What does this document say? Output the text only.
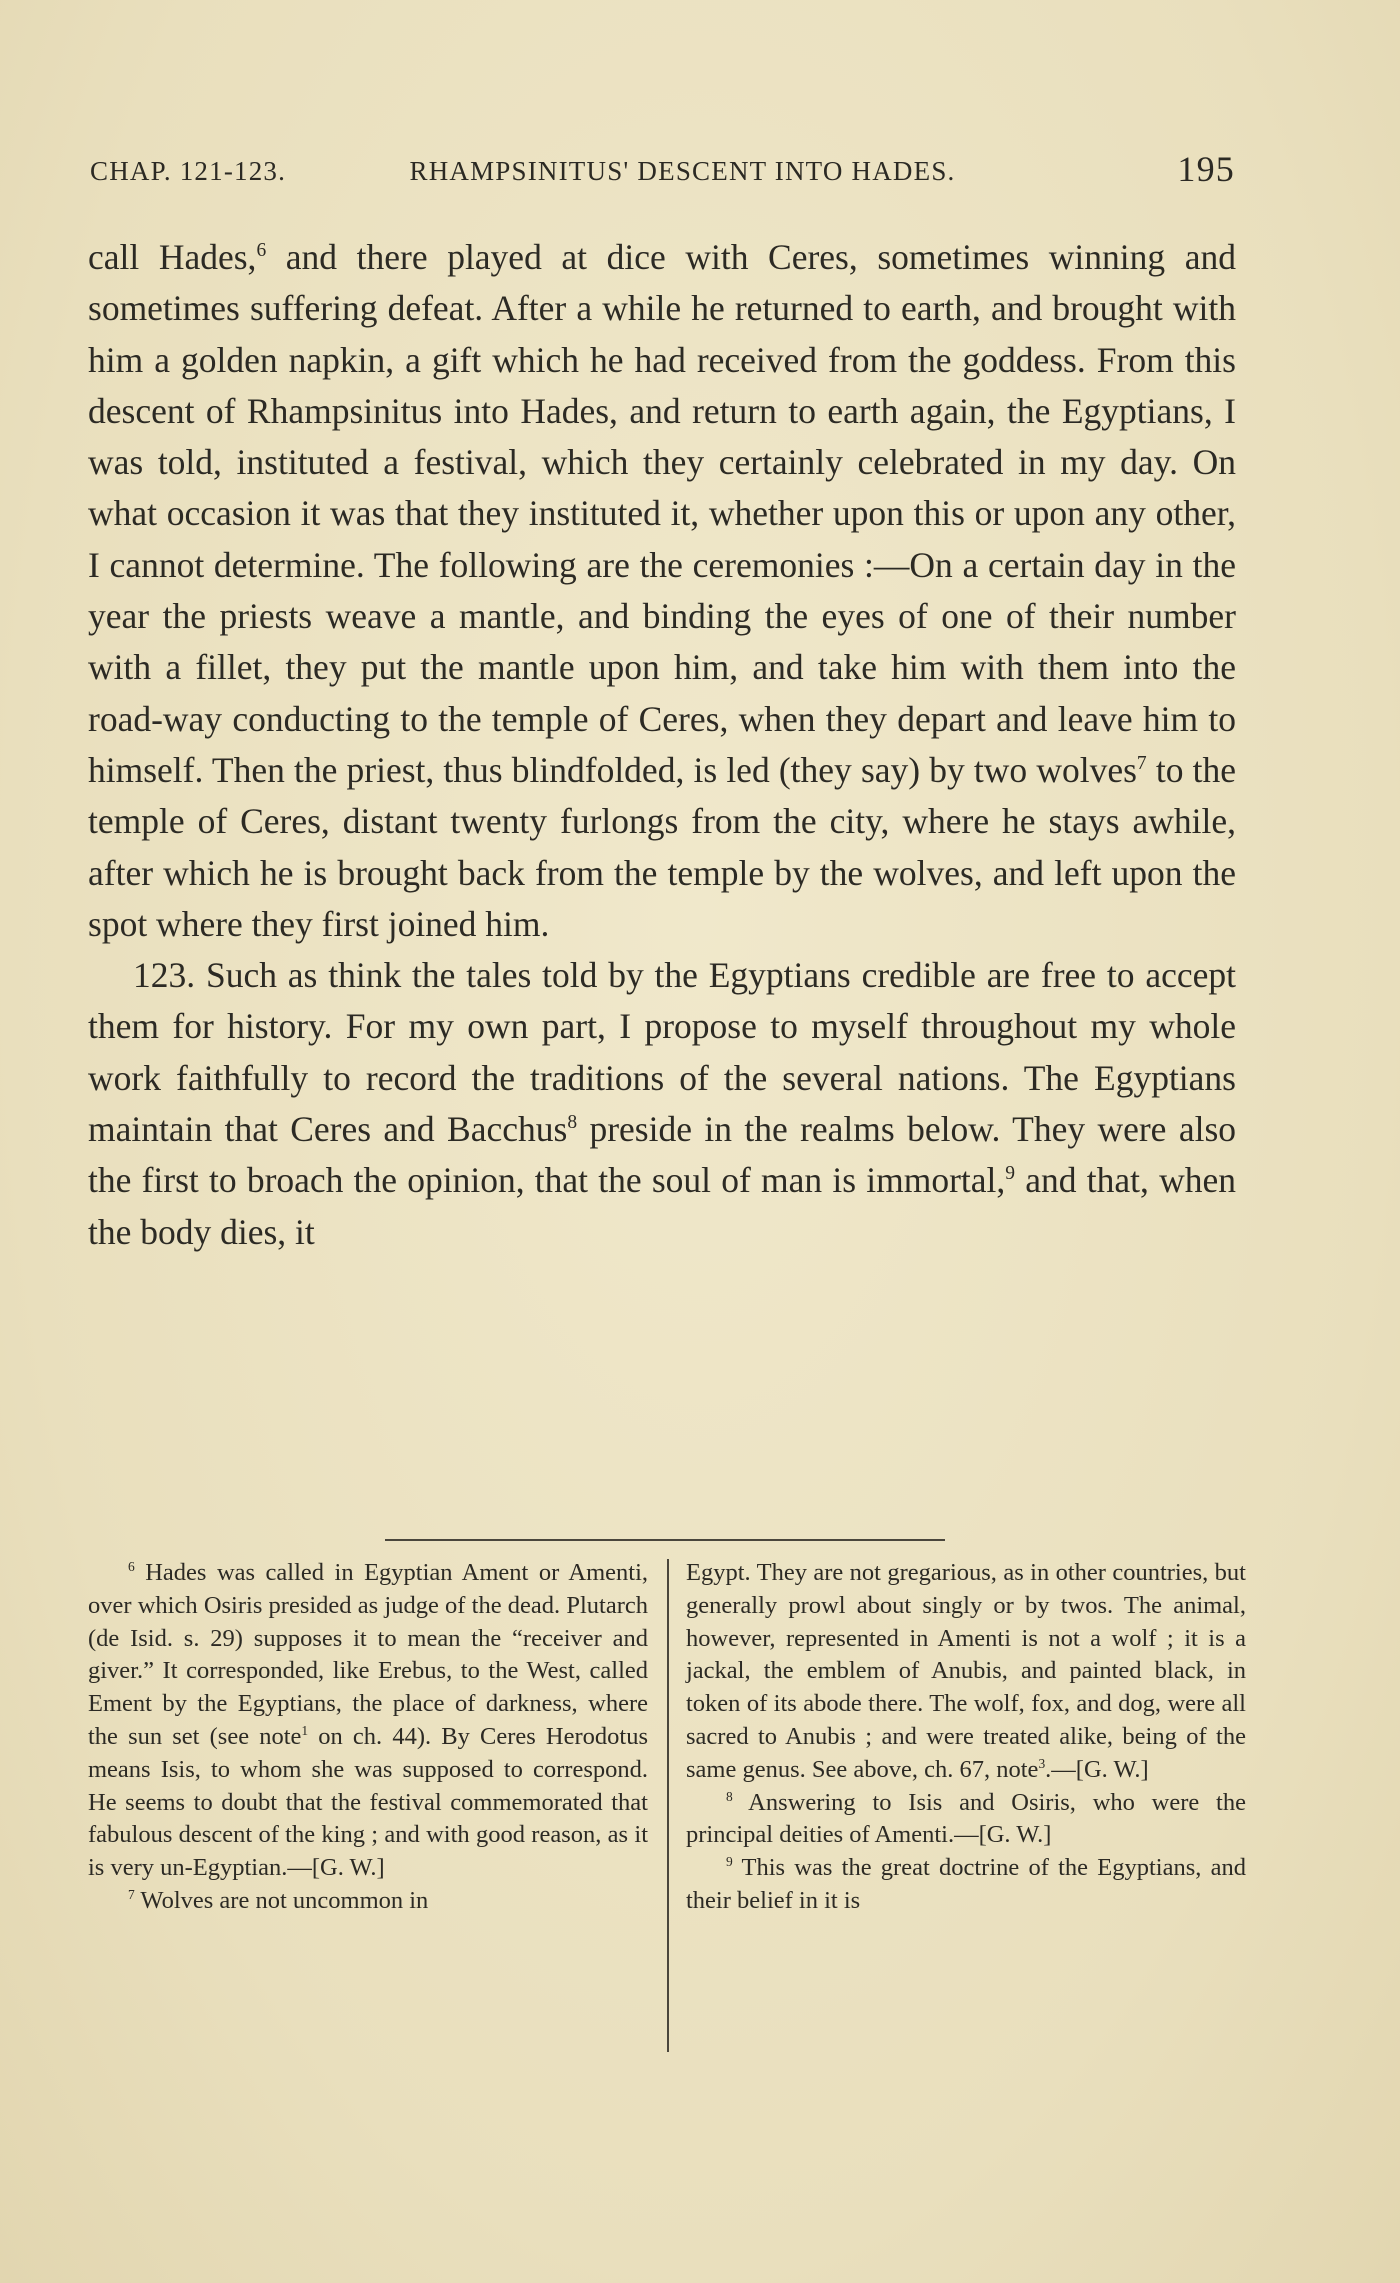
CHAP. 121-123.	RHAMPSINITUS' DESCENT INTO HADES.	195

call Hades,$^6$ and there played at dice with Ceres, sometimes winning and sometimes suffering defeat. After a while he returned to earth, and brought with him a golden napkin, a gift which he had received from the goddess. From this descent of Rhampsinitus into Hades, and return to earth again, the Egyptians, I was told, instituted a festival, which they certainly celebrated in my day. On what occasion it was that they instituted it, whether upon this or upon any other, I cannot determine. The following are the ceremonies :—On a certain day in the year the priests weave a mantle, and binding the eyes of one of their number with a fillet, they put the mantle upon him, and take him with them into the road-way conducting to the temple of Ceres, when they depart and leave him to himself. Then the priest, thus blindfolded, is led (they say) by two wolves$^7$ to the temple of Ceres, distant twenty furlongs from the city, where he stays awhile, after which he is brought back from the temple by the wolves, and left upon the spot where they first joined him.

123. Such as think the tales told by the Egyptians credible are free to accept them for history. For my own part, I propose to myself throughout my whole work faithfully to record the traditions of the several nations. The Egyptians maintain that Ceres and Bacchus$^8$ preside in the realms below. They were also the first to broach the opinion, that the soul of man is immortal,$^9$ and that, when the body dies, it

$^6$ Hades was called in Egyptian Ament or Amenti, over which Osiris presided as judge of the dead. Plutarch (de Isid. s. 29) supposes it to mean the “receiver and giver.” It corresponded, like Erebus, to the West, called Ement by the Egyptians, the place of darkness, where the sun set (see note$^1$ on ch. 44). By Ceres Herodotus means Isis, to whom she was supposed to correspond. He seems to doubt that the festival commemorated that fabulous descent of the king ; and with good reason, as it is very un-Egyptian.—[G. W.]

$^7$ Wolves are not uncommon in

Egypt. They are not gregarious, as in other countries, but generally prowl about singly or by twos. The animal, however, represented in Amenti is not a wolf ; it is a jackal, the emblem of Anubis, and painted black, in token of its abode there. The wolf, fox, and dog, were all sacred to Anubis ; and were treated alike, being of the same genus. See above, ch. 67, note$^3$.—[G. W.]

$^8$ Answering to Isis and Osiris, who were the principal deities of Amenti.—[G. W.]

$^9$ This was the great doctrine of the Egyptians, and their belief in it is
